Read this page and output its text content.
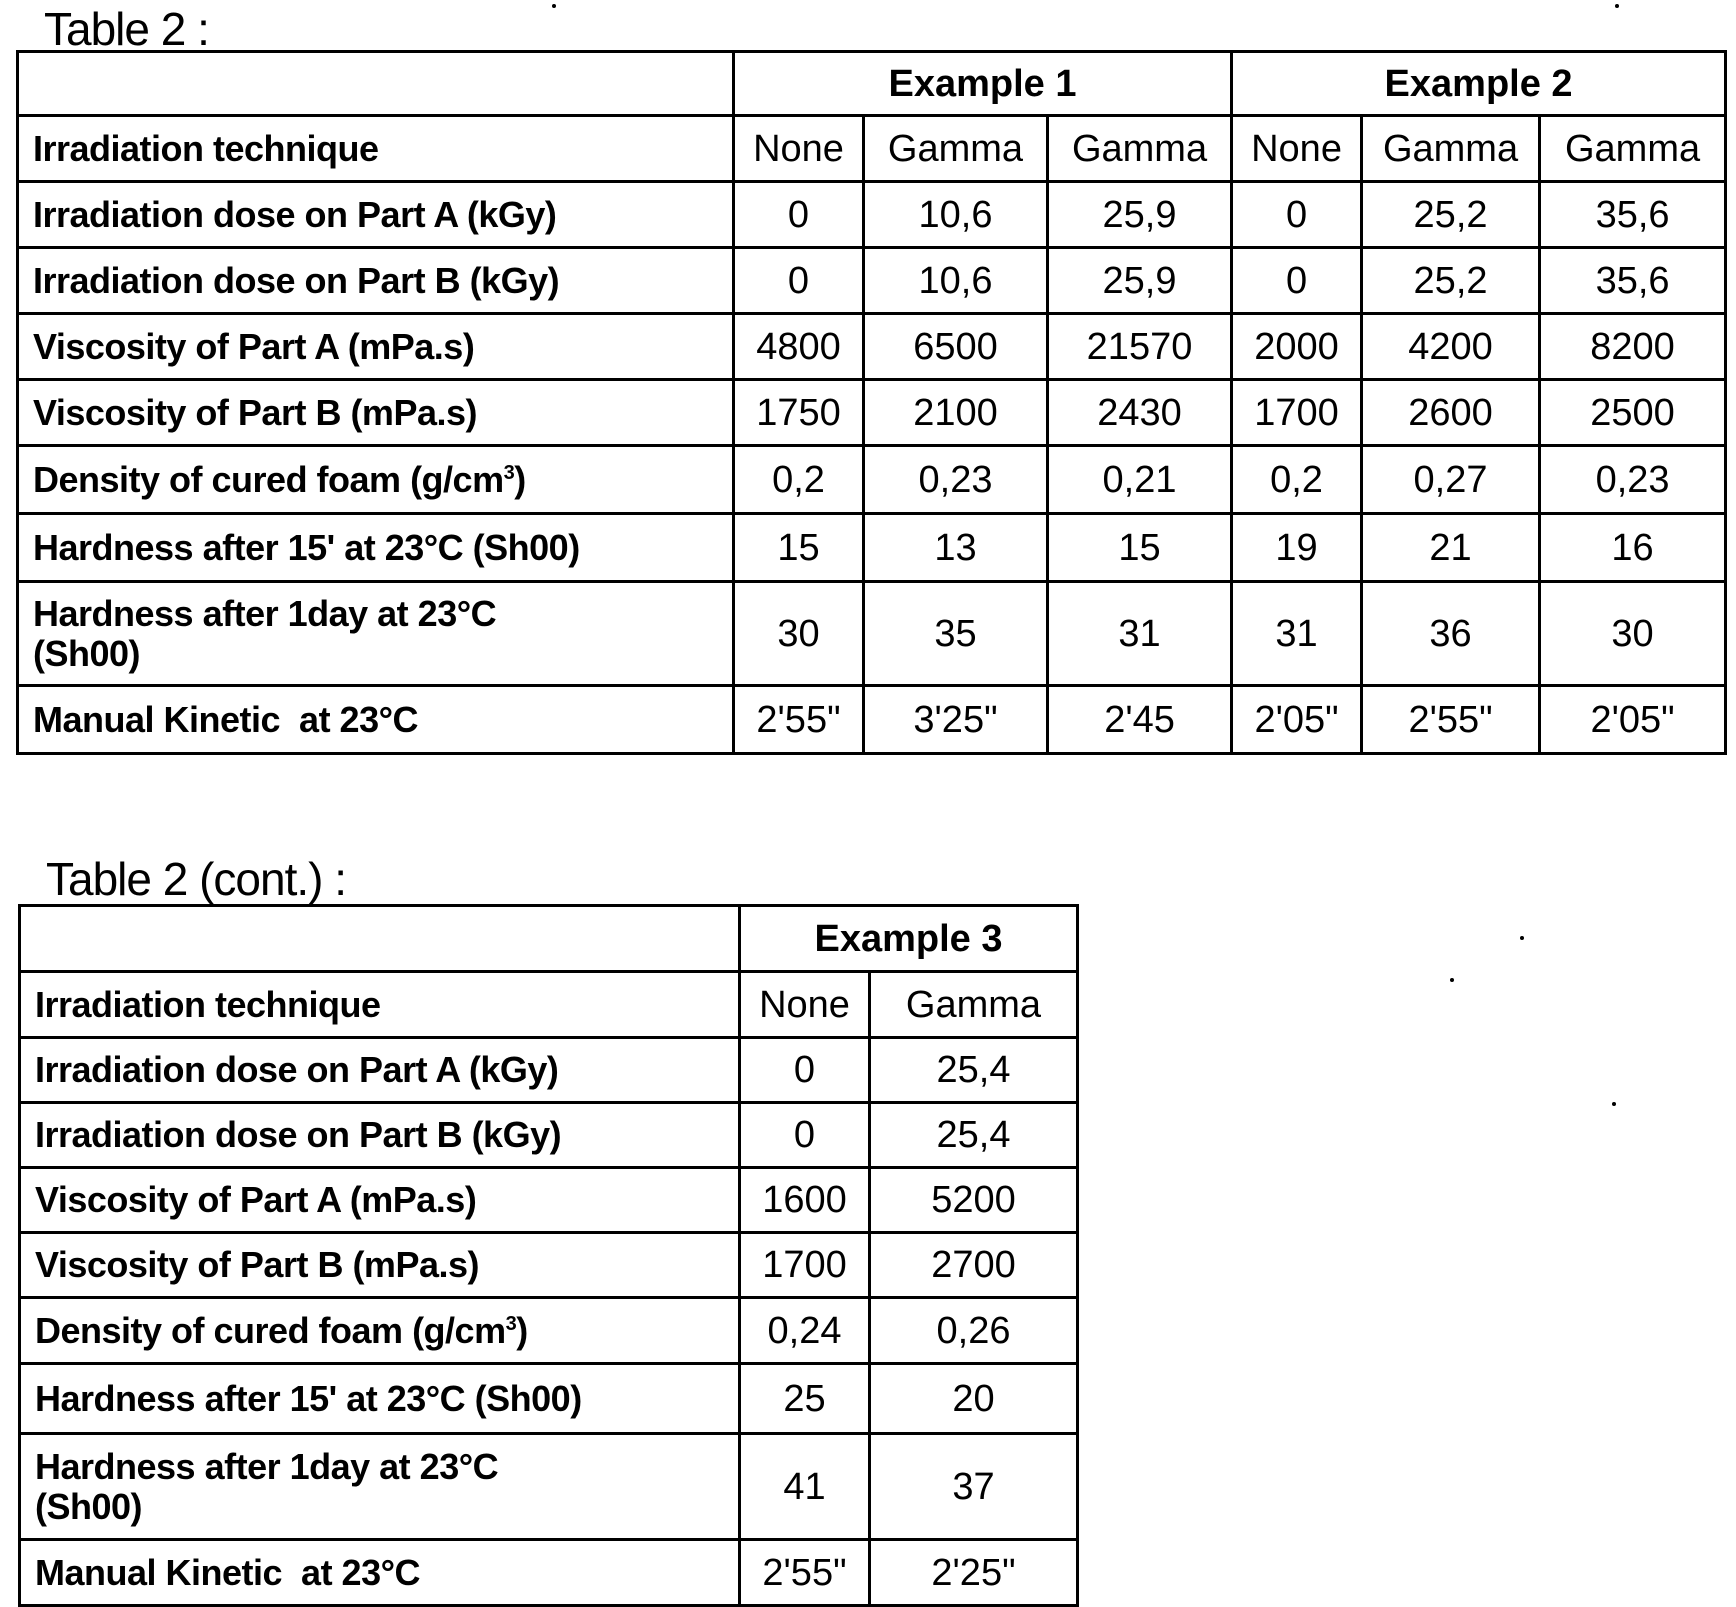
Table 2 :
	Example 1			Example 2		
Irradiation technique	None	Gamma	Gamma	None	Gamma	Gamma
Irradiation dose on Part A (kGy)	0	10,6	25,9	0	25,2	35,6
Irradiation dose on Part B (kGy)	0	10,6	25,9	0	25,2	35,6
Viscosity of Part A (mPa.s)	4800	6500	21570	2000	4200	8200
Viscosity of Part B (mPa.s)	1750	2100	2430	1700	2600	2500
Density of cured foam $(g/cm^3)$	0,2	0,23	0,21	0,2	0,27	0,23
Hardness after 15' at 23°C (Sh00)	15	13	15	19	21	16
Hardness after 1day at 23°C (Sh00)	30	35	31	31	36	30
Manual Kinetic  at 23°C	2'55"	3'25"	2'45	2'05"	2'55"	2'05"
Table 2 (cont.) :
	Example 3	
Irradiation technique	None	Gamma
Irradiation dose on Part A (kGy)	0	25,4
Irradiation dose on Part B (kGy)	0	25,4
Viscosity of Part A (mPa.s)	1600	5200
Viscosity of Part B (mPa.s)	1700	2700
Density of cured foam $(g/cm^3)$	0,24	0,26
Hardness after 15' at 23°C (Sh00)	25	20
Hardness after 1day at 23°C (Sh00)	41	37
Manual Kinetic  at 23°C	2'55"	2'25"
